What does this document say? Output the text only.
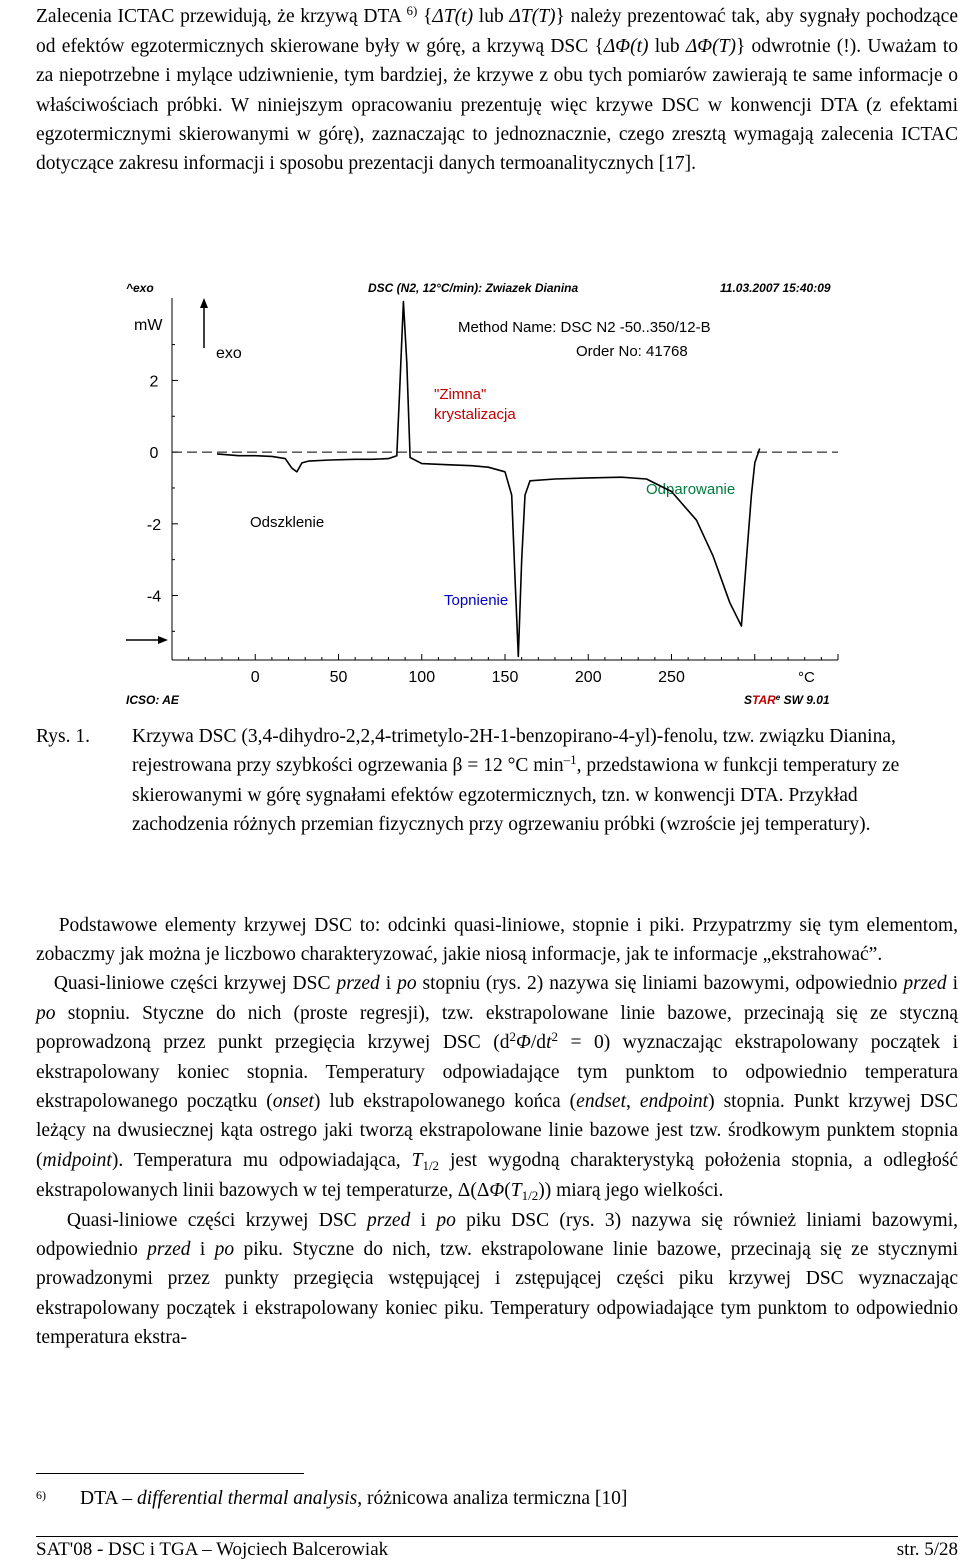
Zalecenia ICTAC przewidują, że krzywą DTA $^{6)}$ {ΔT(t) lub ΔT(T)} należy prezentować tak, aby sygnały pochodzące od efektów egzotermicznych skierowane były w górę, a krzywą DSC {ΔΦ(t) lub ΔΦ(T)} odwrotnie (!). Uważam to za niepotrzebne i mylące udziwnienie, tym bardziej, że krzywe z obu tych pomiarów zawierają te same informacje o właściwościach próbki. W niniejszym opracowaniu prezentuję więc krzywe DSC w konwencji DTA (z efektami egzotermicznymi skierowanymi w górę), zaznaczając to jednoznacznie, czego zresztą wymagają zalecenia ICTAC dotyczące zakresu informacji i sposobu prezentacji danych termoanalitycznych [17].

^exo	DSC (N2, 12°C/min): Zwiazek Dianina	11.03.2007 15:40:09
mW
exo
Method Name: DSC N2 -50..350/12-B
Order No: 41768
"Zimna"
krystalizacja
Odparowanie
Odszklenie
Topnienie
°C
ICSO: AE	STAR$^e$ SW 9.01
2
0
-2
-4
0	50	100	150	200	250
Rys. 1. Krzywa DSC (3,4-dihydro-2,2,4-trimetylo-2H-1-benzopirano-4-yl)-fenolu, tzw. związku Dianina, rejestrowana przy szybkości ogrzewania β = 12 °C $\min^{-1}$, przedstawiona w funkcji temperatury ze skierowanymi w górę sygnałami efektów egzotermicznych, tzn. w konwencji DTA. Przykład zachodzenia różnych przemian fizycznych przy ogrzewaniu próbki (wzroście jej temperatury).

Podstawowe elementy krzywej DSC to: odcinki quasi-liniowe, stopnie i piki. Przypatrzmy się tym elementom, zobaczmy jak można je liczbowo charakteryzować, jakie niosą informacje, jak te informacje „ekstrahować”.

Quasi-liniowe części krzywej DSC przed i po stopniu (rys. 2) nazywa się liniami bazowymi, odpowiednio przed i po stopniu. Styczne do nich (proste regresji), tzw. ekstrapolowane linie bazowe, przecinają się ze styczną poprowadzoną przez punkt przegięcia krzywej DSC $(d^2\Phi/dt^2 = 0)$ wyznaczając ekstrapolowany początek i ekstrapolowany koniec stopnia. Temperatury odpowiadające tym punktom to odpowiednio temperatura ekstrapolowanego początku (onset) lub ekstrapolowanego końca (endset, endpoint) stopnia. Punkt krzywej DSC leżący na dwusiecznej kąta ostrego jaki tworzą ekstrapolowane linie bazowe jest tzw. środkowym punktem stopnia (midpoint). Temperatura mu odpowiadająca, $T_{1/2}$ jest wygodną charakterystyką położenia stopnia, a odległość ekstrapolowanych linii bazowych w tej temperaturze, $\Delta(\Delta\Phi(T_{1/2}))$ miarą jego wielkości.

Quasi-liniowe części krzywej DSC przed i po piku DSC (rys. 3) nazywa się również liniami bazowymi, odpowiednio przed i po piku. Styczne do nich, tzw. ekstrapolowane linie bazowe, przecinają się ze stycznymi prowadzonymi przez punkty przegięcia wstępującej i zstępującej części piku krzywej DSC wyznaczając ekstrapolowany początek i ekstrapolowany koniec piku. Temperatury odpowiadające tym punktom to odpowiednio temperatura ekstra-

$^{6)}$ DTA – differential thermal analysis, różnicowa analiza termiczna [10]
SAT'08 - DSC i TGA – Wojciech Balcerowiak	str. 5/28
